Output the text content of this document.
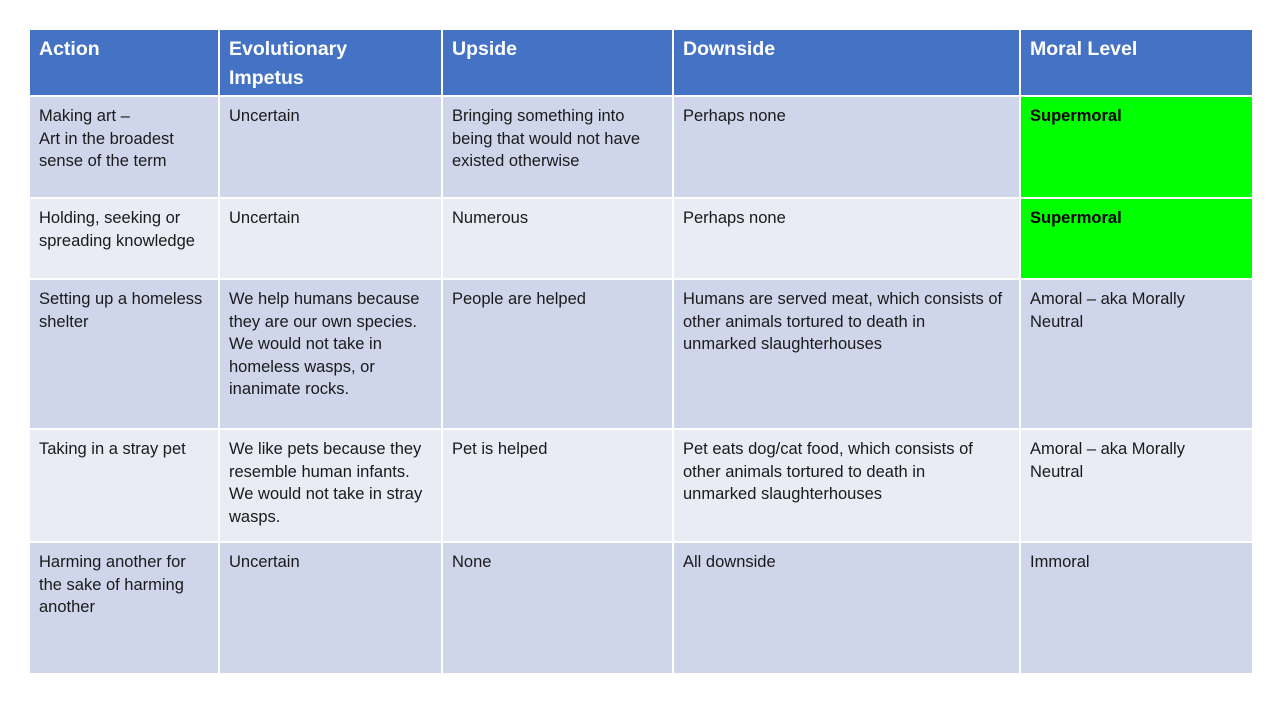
Action	Evolutionary
Impetus	Upside	Downside	Moral Level
Making art –
Art in the broadest
sense of the term	Uncertain	Bringing something into
being that would not have
existed otherwise	Perhaps none	Supermoral
Holding, seeking or
spreading knowledge	Uncertain	Numerous	Perhaps none	Supermoral
Setting up a homeless
shelter	We help humans because
they are our own species.
We would not take in
homeless wasps, or
inanimate rocks.	People are helped	Humans are served meat, which consists of
other animals tortured to death in
unmarked slaughterhouses	Amoral – aka Morally
Neutral
Taking in a stray pet	We like pets because they
resemble human infants.
We would not take in stray
wasps.	Pet is helped	Pet eats dog/cat food, which consists of
other animals tortured to death in
unmarked slaughterhouses	Amoral – aka Morally
Neutral
Harming another for
the sake of harming
another	Uncertain	None	All downside	Immoral
